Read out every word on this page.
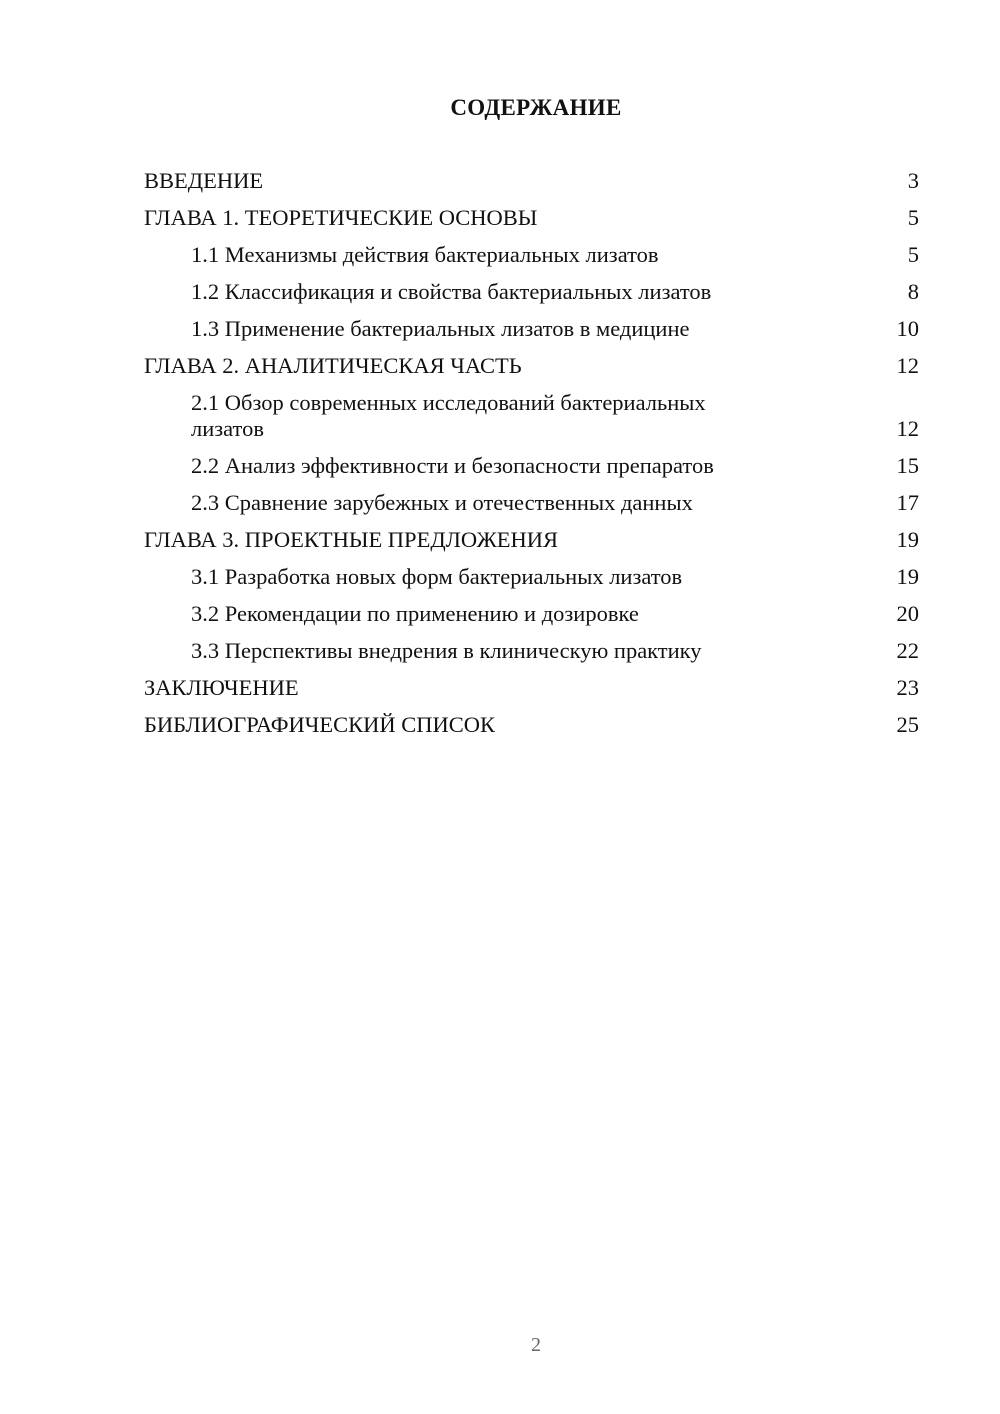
СОДЕРЖАНИЕ
ВВЕДЕНИЕ	3
ГЛАВА 1. ТЕОРЕТИЧЕСКИЕ ОСНОВЫ	5
1.1 Механизмы действия бактериальных лизатов	5
1.2 Классификация и свойства бактериальных лизатов	8
1.3 Применение бактериальных лизатов в медицине	10
ГЛАВА 2. АНАЛИТИЧЕСКАЯ ЧАСТЬ	12
2.1 Обзор современных исследований бактериальных лизатов	12
2.2 Анализ эффективности и безопасности препаратов	15
2.3 Сравнение зарубежных и отечественных данных	17
ГЛАВА 3. ПРОЕКТНЫЕ ПРЕДЛОЖЕНИЯ	19
3.1 Разработка новых форм бактериальных лизатов	19
3.2 Рекомендации по применению и дозировке	20
3.3 Перспективы внедрения в клиническую практику	22
ЗАКЛЮЧЕНИЕ	23
БИБЛИОГРАФИЧЕСКИЙ СПИСОК	25
2
